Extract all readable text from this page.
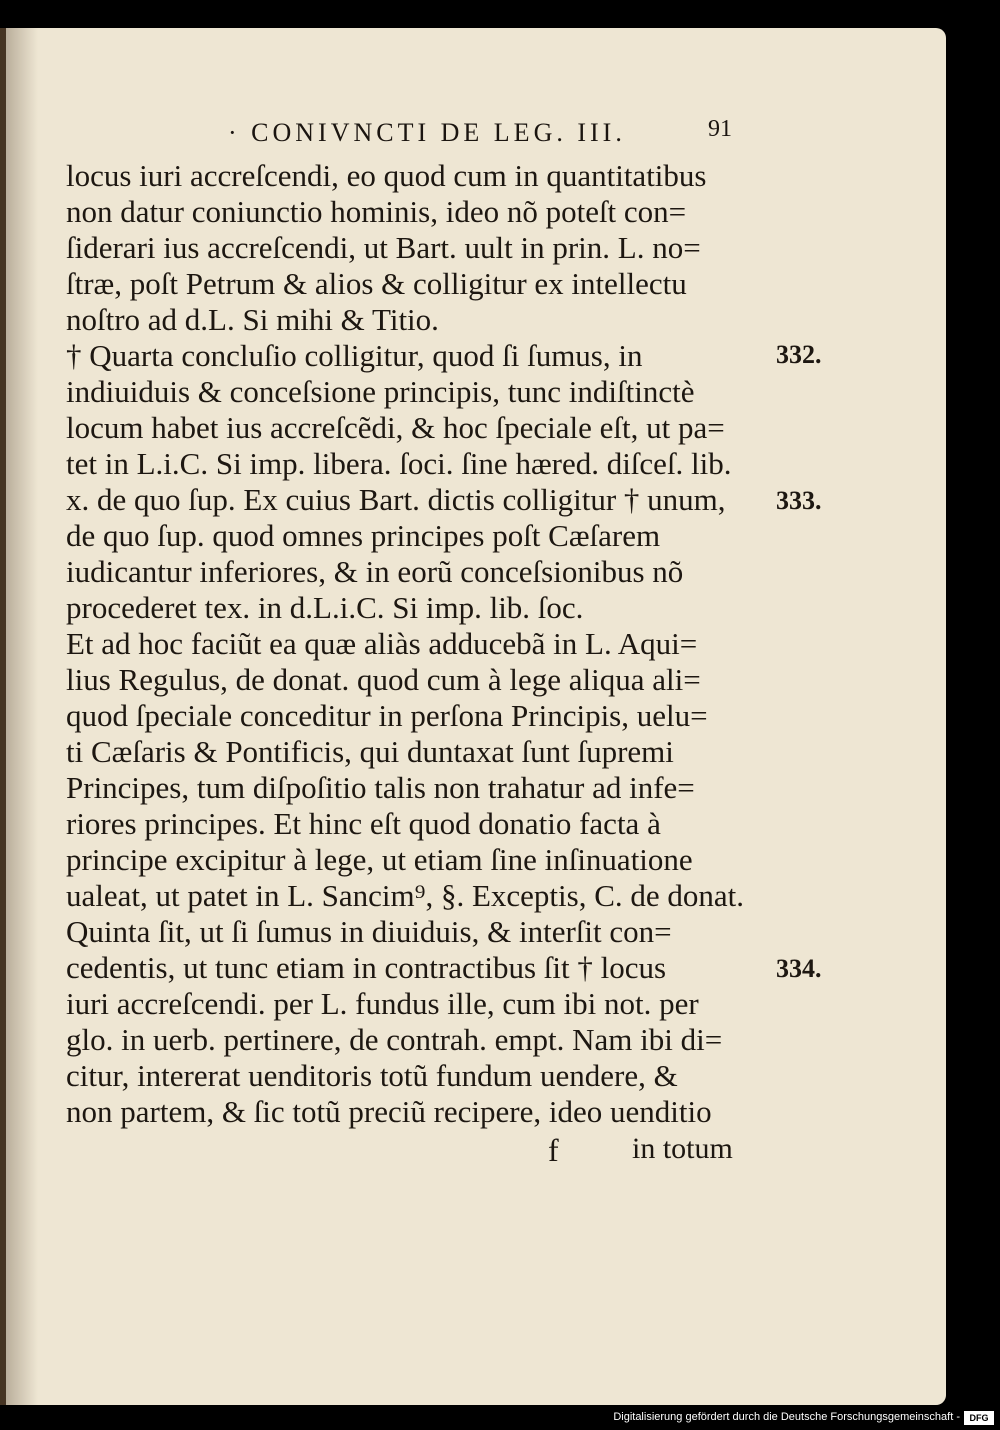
· CONIVNCTI DE LEG. III.	91
locus iuri accreſcendi, eo quod cum in quantitatibus
non datur coniunctio hominis, ideo nõ poteſt con=
ſiderari ius accreſcendi, ut Bart. uult in prin. L. no=
ſtræ, poſt Petrum & alios & colligitur ex intellectu
noſtro ad d.L. Si mihi & Titio.
† Quarta concluſio colligitur, quod ſi ſumus, in
indiuiduis & conceſsione principis, tunc indiſtinctè
locum habet ius accreſcẽdi, & hoc ſpeciale eſt, ut pa=
tet in L.i.C. Si imp. libera. ſoci. ſine hæred. diſceſ. lib.
x. de quo ſup. Ex cuius Bart. dictis colligitur † unum,
de quo ſup. quod omnes principes poſt Cæſarem
iudicantur inferiores, & in eorũ conceſsionibus nõ
procederet tex. in d.L.i.C. Si imp. lib. ſoc.
Et ad hoc faciũt ea quæ aliàs adducebã in L. Aqui=
lius Regulus, de donat. quod cum à lege aliqua ali=
quod ſpeciale conceditur in perſona Principis, uelu=
ti Cæſaris & Pontificis, qui duntaxat ſunt ſupremi
Principes, tum diſpoſitio talis non trahatur ad infe=
riores principes. Et hinc eſt quod donatio facta à
principe excipitur à lege, ut etiam ſine inſinuatione
ualeat, ut patet in L. Sancim⁹, §. Exceptis, C. de donat.
Quinta ſit, ut ſi ſumus in diuiduis, & interſit con=
cedentis, ut tunc etiam in contractibus ſit † locus
iuri accreſcendi. per L. fundus ille, cum ibi not. per
glo. in uerb. pertinere, de contrah. empt. Nam ibi di=
citur, intererat uenditoris totũ fundum uendere, &
non partem, & ſic totũ preciũ recipere, ideo uenditio
332.
333.
334.
f in totum
Digitalisierung gefördert durch die Deutsche Forschungsgemeinschaft -	DFG
